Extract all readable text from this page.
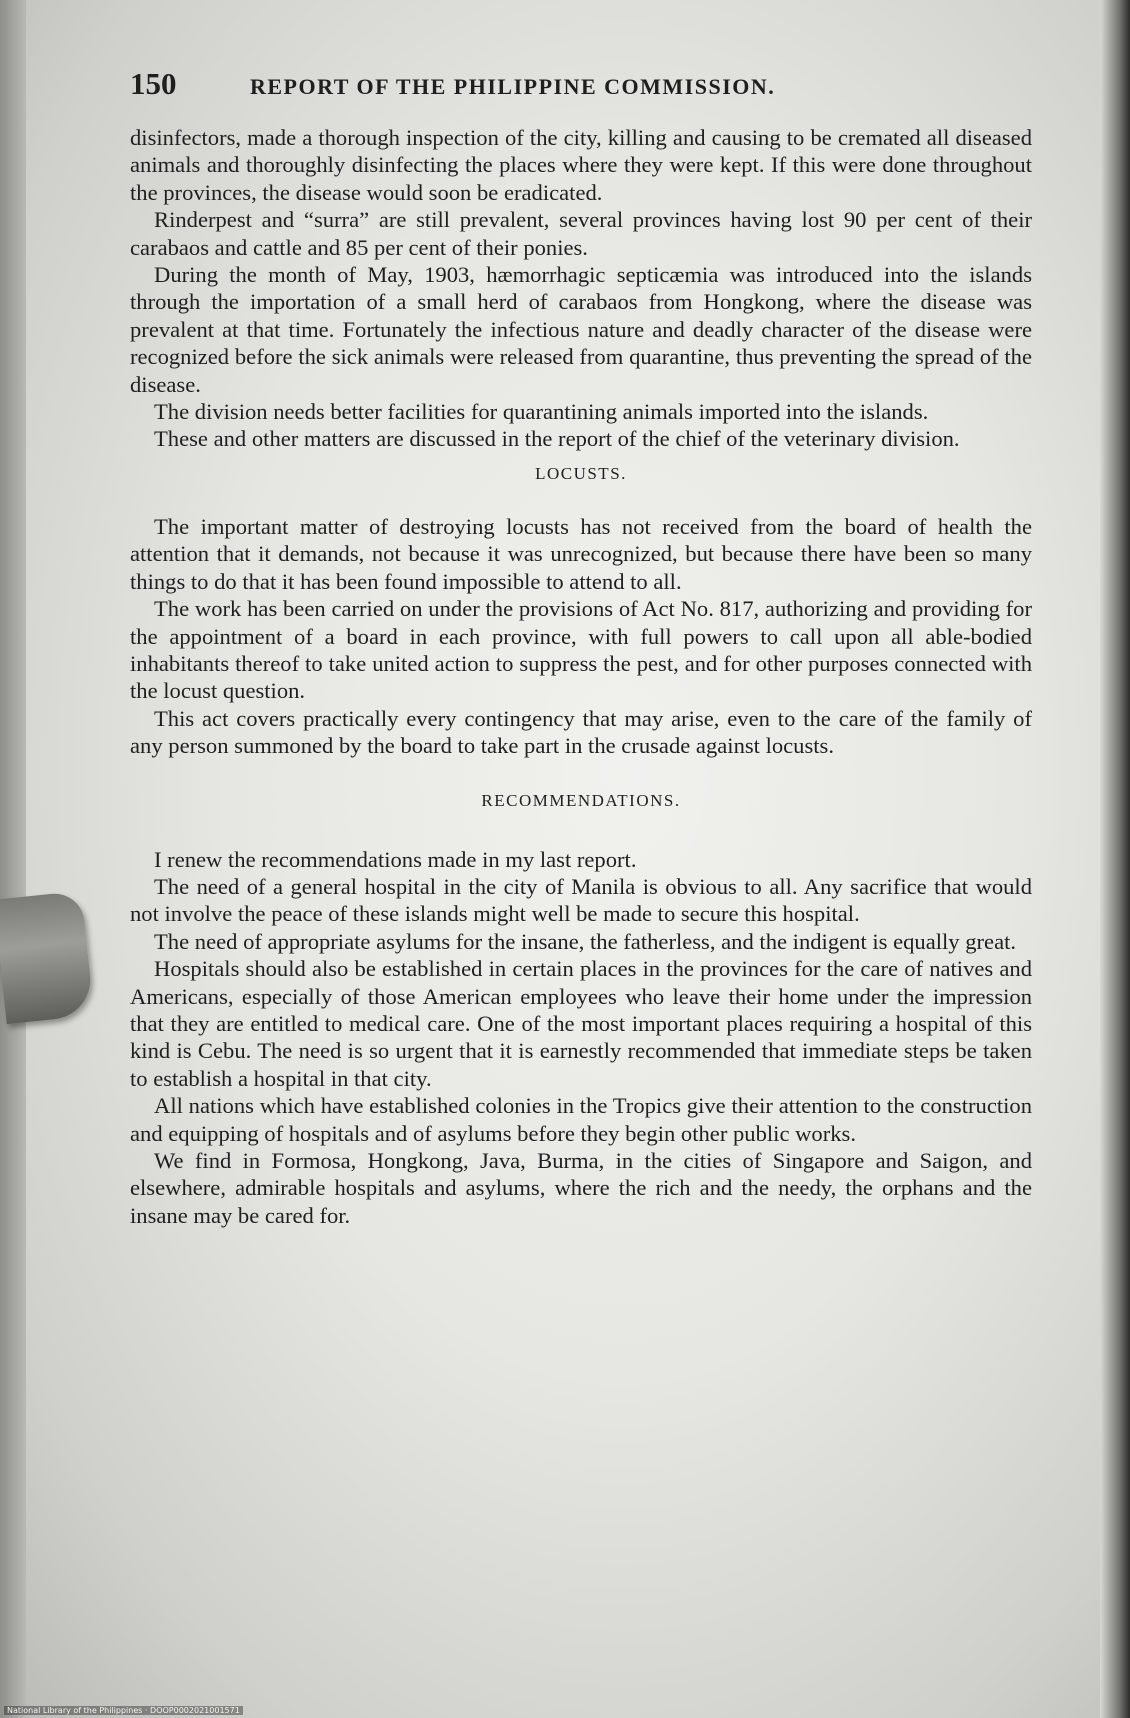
150	REPORT OF THE PHILIPPINE COMMISSION.

disinfectors, made a thorough inspection of the city, killing and causing to be cremated all diseased animals and thoroughly disinfecting the places where they were kept. If this were done throughout the provinces, the disease would soon be eradicated.

Rinderpest and “surra” are still prevalent, several provinces having lost 90 per cent of their carabaos and cattle and 85 per cent of their ponies.

During the month of May, 1903, hæmorrhagic septicæmia was introduced into the islands through the importation of a small herd of carabaos from Hongkong, where the disease was prevalent at that time. Fortunately the infectious nature and deadly character of the disease were recognized before the sick animals were released from quarantine, thus preventing the spread of the disease.

The division needs better facilities for quarantining animals imported into the islands.

These and other matters are discussed in the report of the chief of the veterinary division.

LOCUSTS.

The important matter of destroying locusts has not received from the board of health the attention that it demands, not because it was unrecognized, but because there have been so many things to do that it has been found impossible to attend to all.

The work has been carried on under the provisions of Act No. 817, authorizing and providing for the appointment of a board in each province, with full powers to call upon all able-bodied inhabitants thereof to take united action to suppress the pest, and for other purposes connected with the locust question.

This act covers practically every contingency that may arise, even to the care of the family of any person summoned by the board to take part in the crusade against locusts.

RECOMMENDATIONS.

I renew the recommendations made in my last report.

The need of a general hospital in the city of Manila is obvious to all. Any sacrifice that would not involve the peace of these islands might well be made to secure this hospital.

The need of appropriate asylums for the insane, the fatherless, and the indigent is equally great.

Hospitals should also be established in certain places in the provinces for the care of natives and Americans, especially of those American employees who leave their home under the impression that they are entitled to medical care. One of the most important places requiring a hospital of this kind is Cebu. The need is so urgent that it is earnestly recommended that immediate steps be taken to establish a hospital in that city.

All nations which have established colonies in the Tropics give their attention to the construction and equipping of hospitals and of asylums before they begin other public works.

We find in Formosa, Hongkong, Java, Burma, in the cities of Singapore and Saigon, and elsewhere, admirable hospitals and asylums, where the rich and the needy, the orphans and the insane may be cared for.

National Library of the Philippines · DOOP0002021001571
